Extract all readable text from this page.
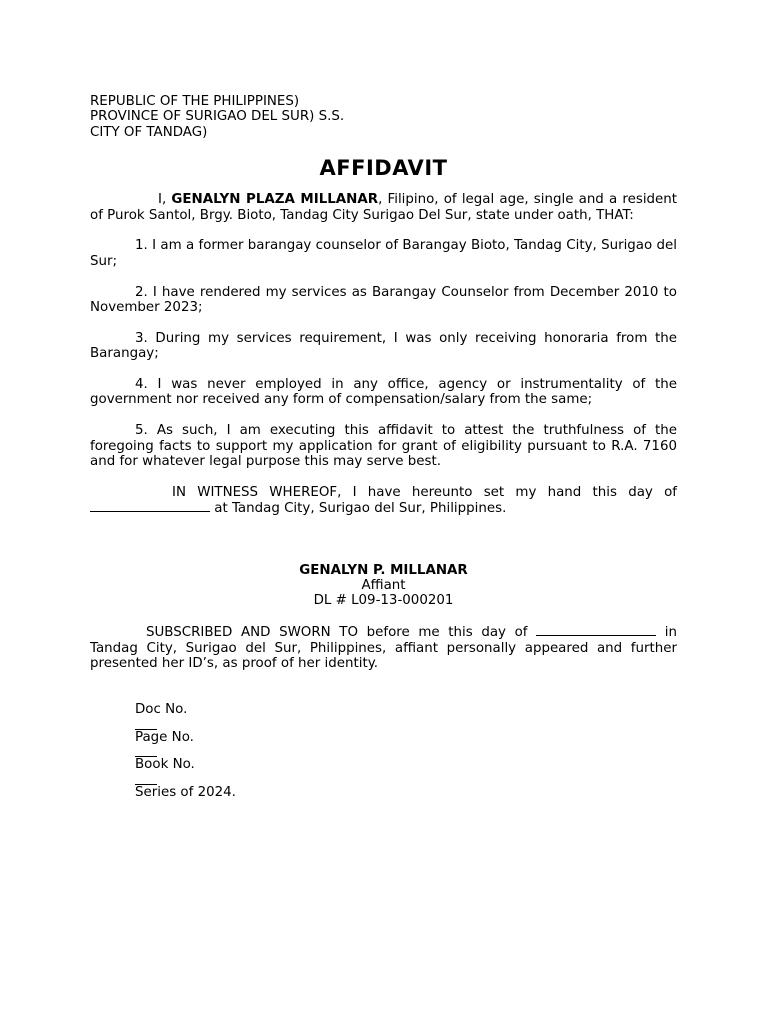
REPUBLIC OF THE PHILIPPINES)
PROVINCE OF SURIGAO DEL SUR) S.S.
CITY OF TANDAG)
AFFIDAVIT

I, GENALYN PLAZA MILLANAR, Filipino, of legal age, single and a resident of Purok Santol, Brgy. Bioto, Tandag City Surigao Del Sur, state under oath, THAT:

1. I am a former barangay counselor of Barangay Bioto, Tandag City, Surigao del Sur;

2. I have rendered my services as Barangay Counselor from December 2010 to November 2023;

3. During my services requirement, I was only receiving honoraria from the Barangay;

4. I was never employed in any office, agency or instrumentality of the government nor received any form of compensation/salary from the same;

5. As such, I am executing this affidavit to attest the truthfulness of the foregoing facts to support my application for grant of eligibility pursuant to R.A. 7160 and for whatever legal purpose this may serve best.

IN WITNESS WHEREOF, I have hereunto set my hand this day of  at Tandag City, Surigao del Sur, Philippines.

GENALYN P. MILLANAR
Affiant
DL # L09-13-000201

SUBSCRIBED AND SWORN TO before me this day of	in Tandag City, Surigao del Sur, Philippines, affiant personally appeared and further presented her ID’s, as proof of her identity.

Doc No.
Page No.
Book No.
Series of 2024.
